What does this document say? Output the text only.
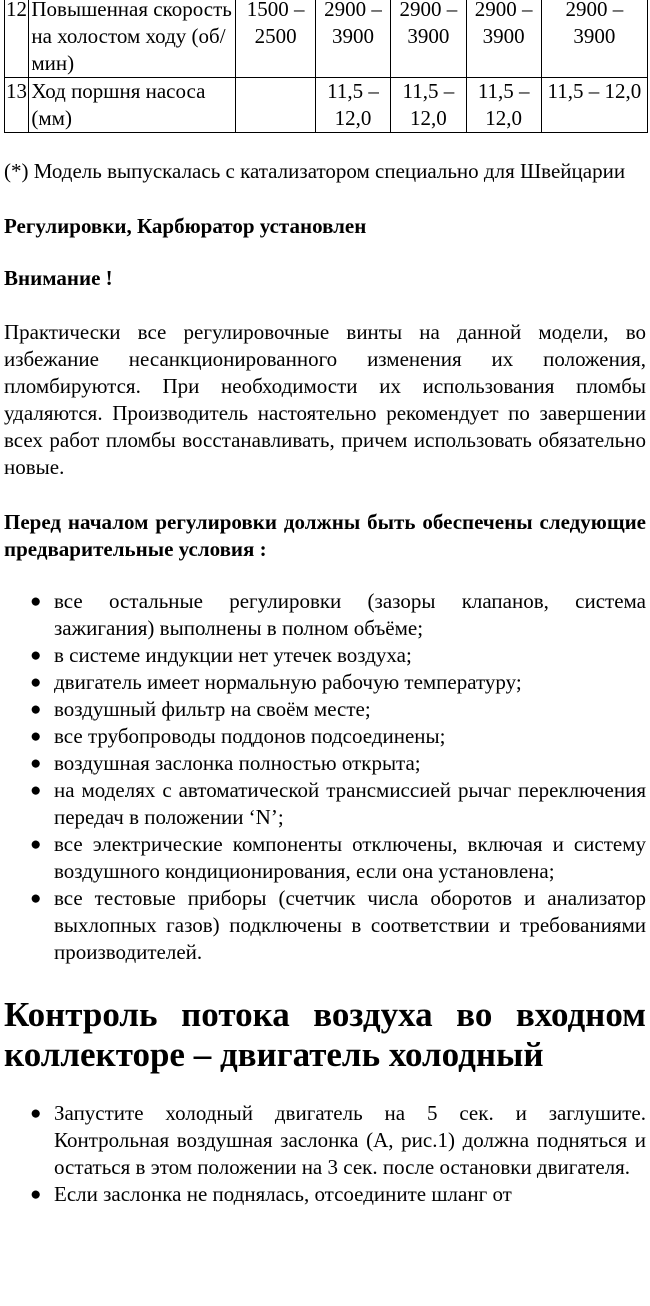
12	Повышенная скорость на холостом ходу (об/мин)	1500 – 2500	2900 – 3900	2900 – 3900	2900 – 3900	2900 – 3900
13	Ход поршня насоса (мм)		11,5 – 12,0	11,5 – 12,0	11,5 – 12,0	11,5 – 12,0

(*) Модель выпускалась с катализатором специально для Швейцарии

Регулировки, Карбюратор установлен

Внимание !

Практически все регулировочные винты на данной модели, во избежание несанкционированного изменения их положения, пломбируются. При необходимости их использования пломбы удаляются. Производитель настоятельно рекомендует по завершении всех работ пломбы восстанавливать, причем использовать обязательно новые.

Перед началом регулировки должны быть обеспечены следующие предварительные условия :

● все остальные регулировки (зазоры клапанов, система зажигания) выполнены в полном объёме;
● в системе индукции нет утечек воздуха;
● двигатель имеет нормальную рабочую температуру;
● воздушный фильтр на своём месте;
● все трубопроводы поддонов подсоединены;
● воздушная заслонка полностью открыта;
● на моделях с автоматической трансмиссией рычаг переключения передач в положении ‘N’;
● все электрические компоненты отключены, включая и систему воздушного кондиционирования, если она установлена;
● все тестовые приборы (счетчик числа оборотов и анализатор выхлопных газов) подключены в соответствии и требованиями производителей.
Контроль потока воздуха во входном коллекторе – двигатель холодный
● Запустите холодный двигатель на 5 сек. и заглушите. Контрольная воздушная заслонка (А, рис.1) должна подняться и остаться в этом положении на 3 сек. после остановки двигателя.
● Если заслонка не поднялась, отсоедините шланг от
